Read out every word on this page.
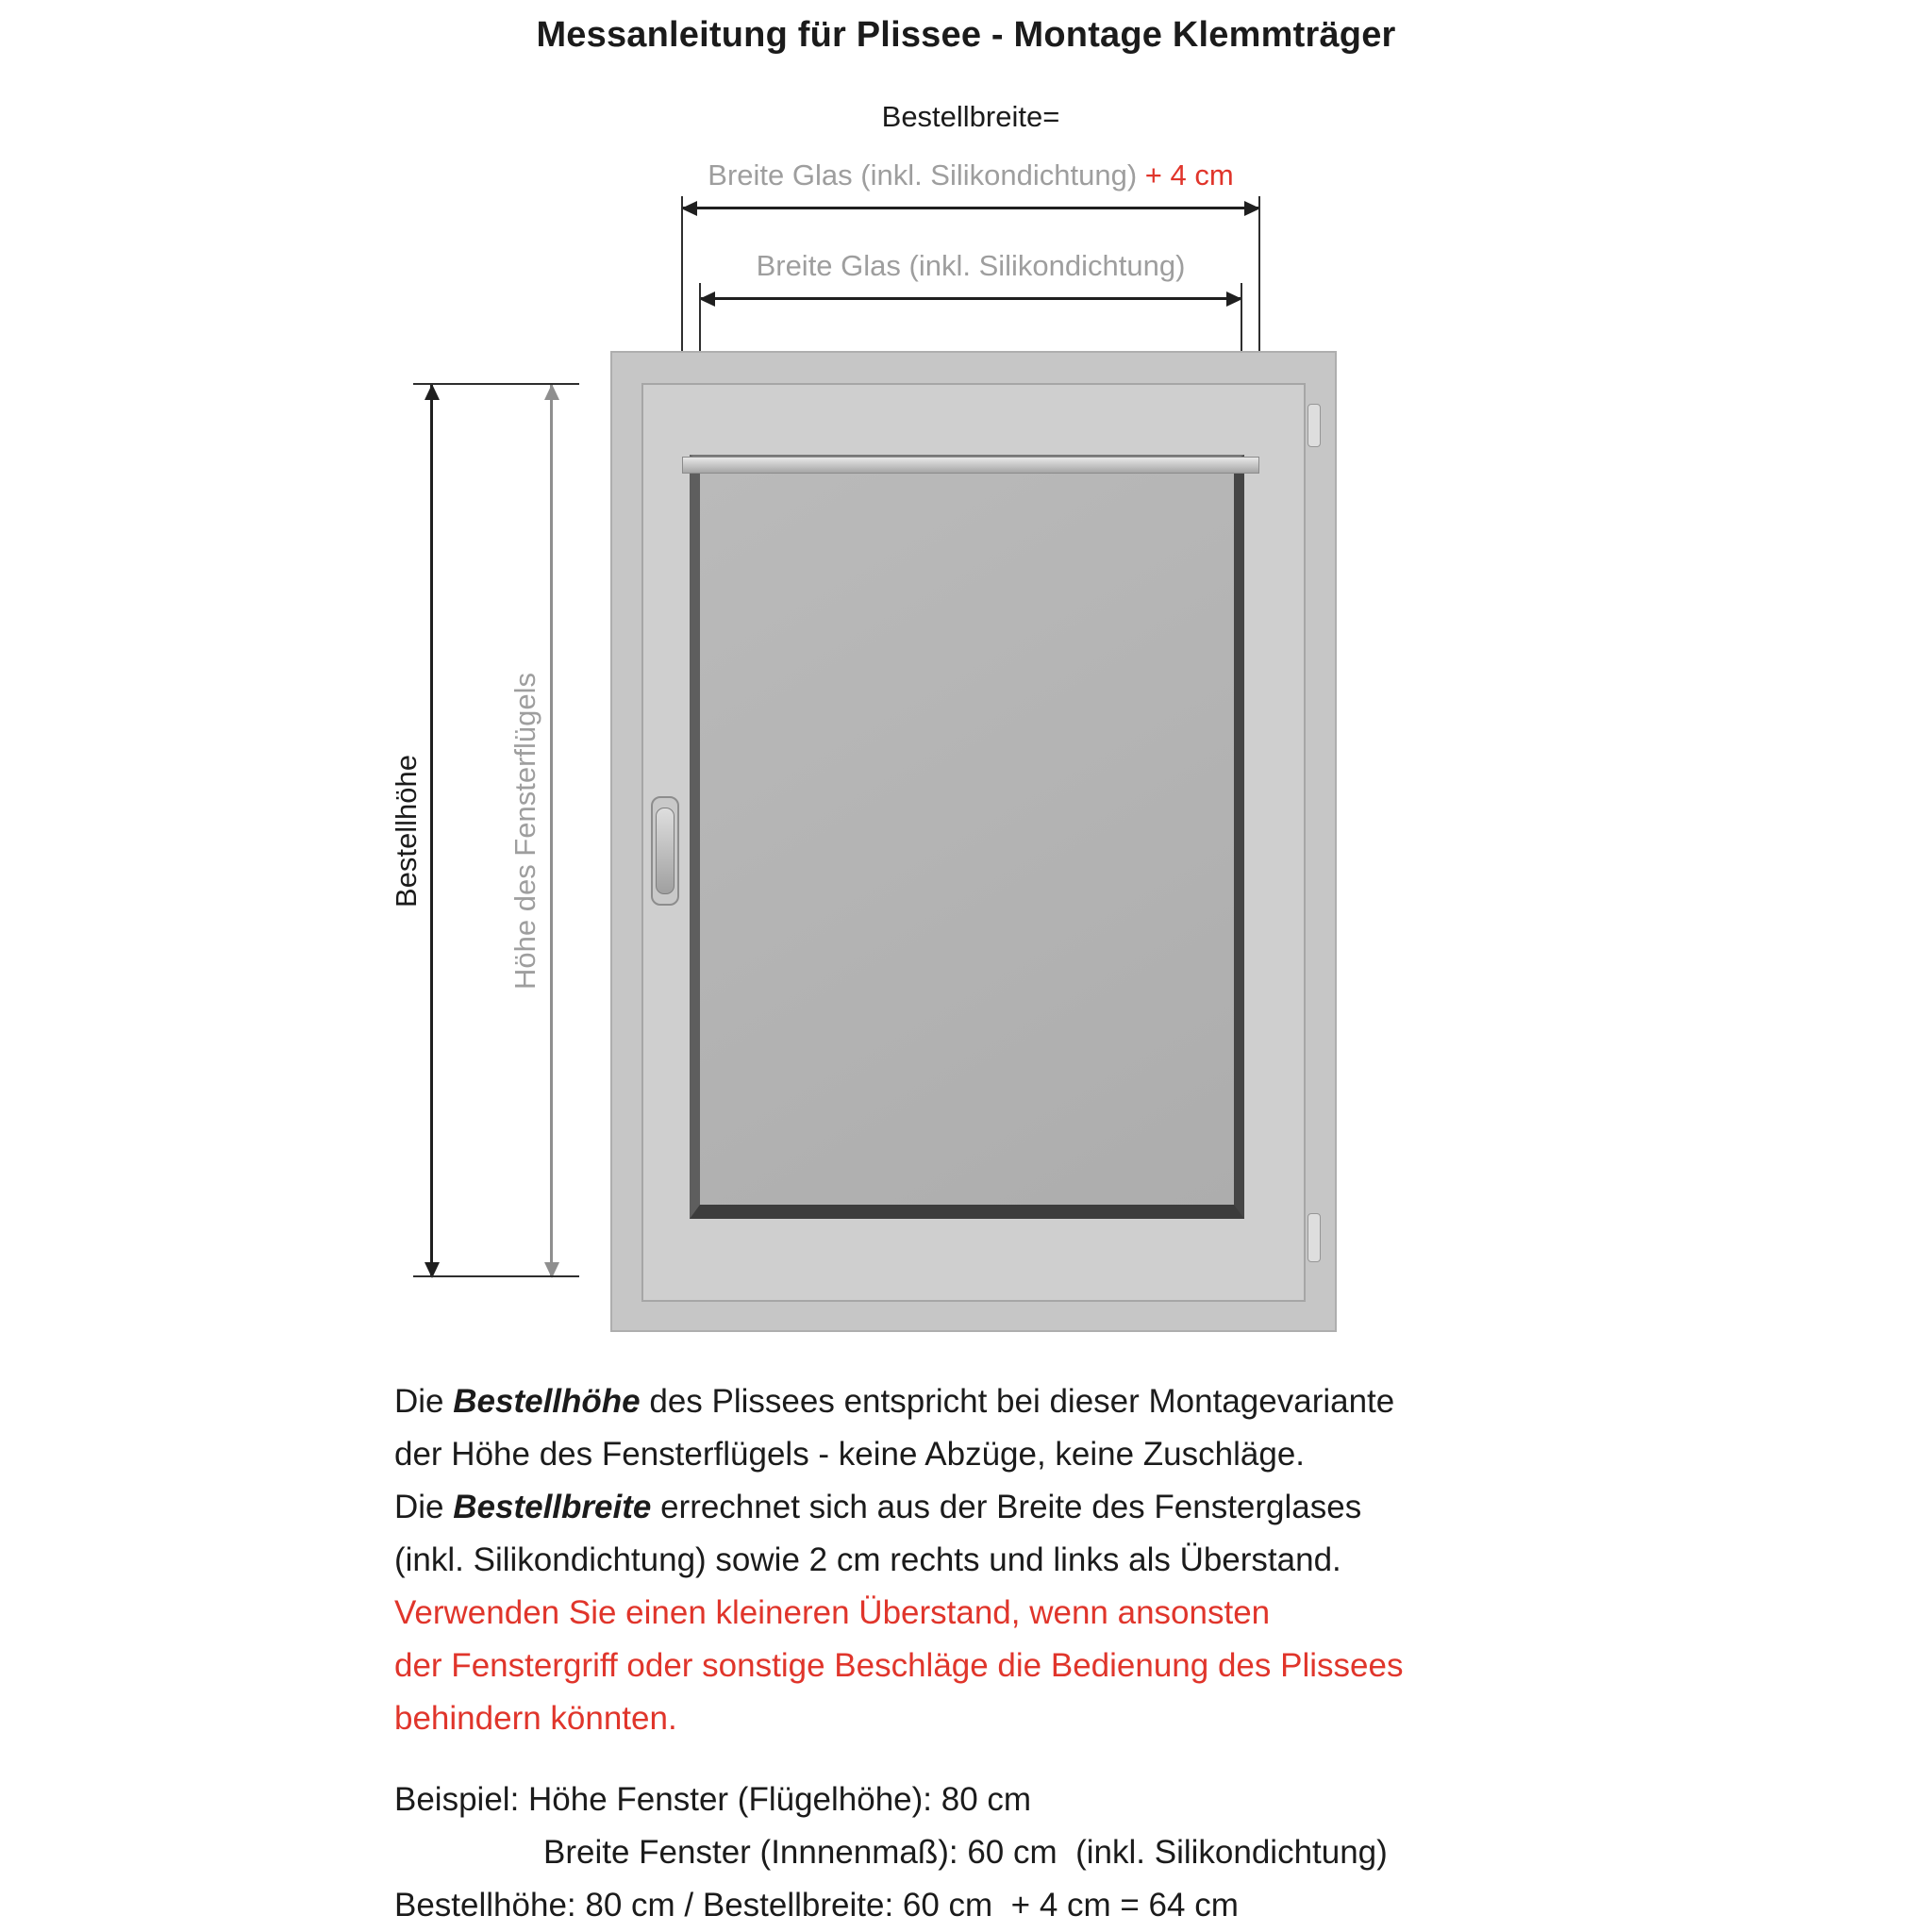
Messanleitung für Plissee - Montage Klemmträger
Bestellbreite=
Breite Glas (inkl. Silikondichtung) + 4 cm
Breite Glas (inkl. Silikondichtung)
Bestellhöhe	Höhe des Fensterflügels
Die Bestellhöhe des Plissees entspricht bei dieser Montagevariante
der Höhe des Fensterflügels - keine Abzüge, keine Zuschläge.
Die Bestellbreite errechnet sich aus der Breite des Fensterglases
(inkl. Silikondichtung) sowie 2 cm rechts und links als Überstand.
Verwenden Sie einen kleineren Überstand, wenn ansonsten
der Fenstergriff oder sonstige Beschläge die Bedienung des Plissees
behindern könnten.
Beispiel: Höhe Fenster (Flügelhöhe): 80 cm
Breite Fenster (Innnenmaß): 60 cm  (inkl. Silikondichtung)
Bestellhöhe: 80 cm / Bestellbreite: 60 cm  + 4 cm = 64 cm
